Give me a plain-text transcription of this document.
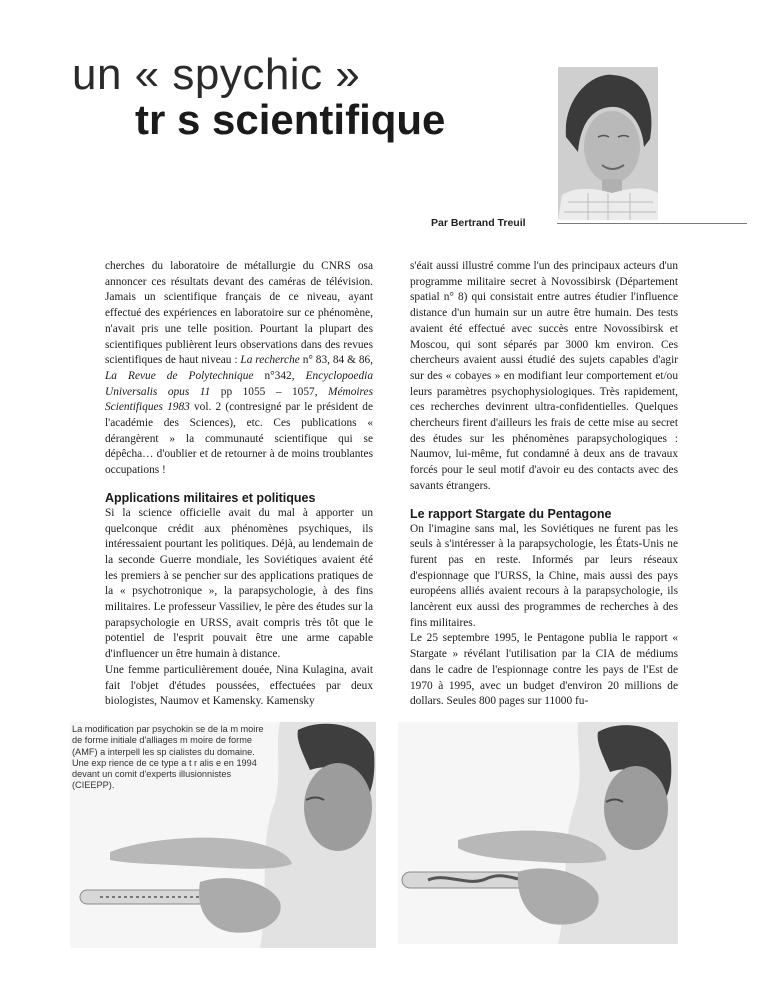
un « spychic »
tr s scientifique
Par Bertrand Treuil

cherches du laboratoire de métallurgie du CNRS osa annoncer ces résultats devant des caméras de télévision. Jamais un scientifique français de ce niveau, ayant effectué des expériences en laboratoire sur ce phénomène, n'avait pris une telle position. Pourtant la plupart des scientifiques publièrent leurs observations dans des revues scientifiques de haut niveau : La recherche n° 83, 84 & 86, La Revue de Polytechnique n°342, Encyclopoedia Universalis opus 11 pp 1055 – 1057, Mémoires Scientifiques 1983 vol. 2 (contresigné par le président de l'académie des Sciences), etc. Ces publications « dérangèrent » la communauté scientifique qui se dépêcha… d'oublier et de retourner à de moins troublantes occupations !

Applications militaires et politiques

Si la science officielle avait du mal à apporter un quelconque crédit aux phénomènes psychiques, ils intéressaient pourtant les politiques. Déjà, au lendemain de la seconde Guerre mondiale, les Soviétiques avaient été les premiers à se pencher sur des applications pratiques de la « psychotronique », la parapsychologie, à des fins militaires. Le professeur Vassiliev, le père des études sur la parapsychologie en URSS, avait compris très tôt que le potentiel de l'esprit pouvait être une arme capable d'influencer un être humain à distance.

Une femme particulièrement douée, Nina Kulagina, avait fait l'objet d'études poussées, effectuées par deux biologistes, Naumov et Kamensky. Kamensky

s'éait aussi illustré comme l'un des principaux acteurs d'un programme militaire secret à Novossibirsk (Département spatial n° 8) qui consistait entre autres étudier l'influence distance d'un humain sur un autre être humain. Des tests avaient été effectué avec succès entre Novossibirsk et Moscou, qui sont séparés par 3000 km environ. Ces chercheurs avaient aussi étudié des sujets capables d'agir sur des « cobayes » en modifiant leur comportement et/ou leurs paramètres psychophysiologiques. Très rapidement, ces recherches devinrent ultra-confidentielles. Quelques chercheurs firent d'ailleurs les frais de cette mise au secret des études sur les phénomènes parapsychologiques : Naumov, lui-même, fut condamné à deux ans de travaux forcés pour le seul motif d'avoir eu des contacts avec des savants étrangers.

Le rapport Stargate du Pentagone

On l'imagine sans mal, les Soviétiques ne furent pas les seuls à s'intéresser à la parapsychologie, les États-Unis ne furent pas en reste. Informés par leurs réseaux d'espionnage que l'URSS, la Chine, mais aussi des pays européens alliés avaient recours à la parapsychologie, ils lancèrent eux aussi des programmes de recherches à des fins militaires.

Le 25 septembre 1995, le Pentagone publia le rapport « Stargate » révélant l'utilisation par la CIA de médiums dans le cadre de l'espionnage contre les pays de l'Est de 1970 à 1995, avec un budget d'environ 20 millions de dollars. Seules 800 pages sur 11000 fu-

La modification par psychokin se de la m moire de forme initiale d'alliages m moire de forme (AMF) a interpell les sp cialistes du domaine. Une exp rience de ce type a t r alis e en 1994 devant un comit d'experts illusionnistes (CIEEPP).
